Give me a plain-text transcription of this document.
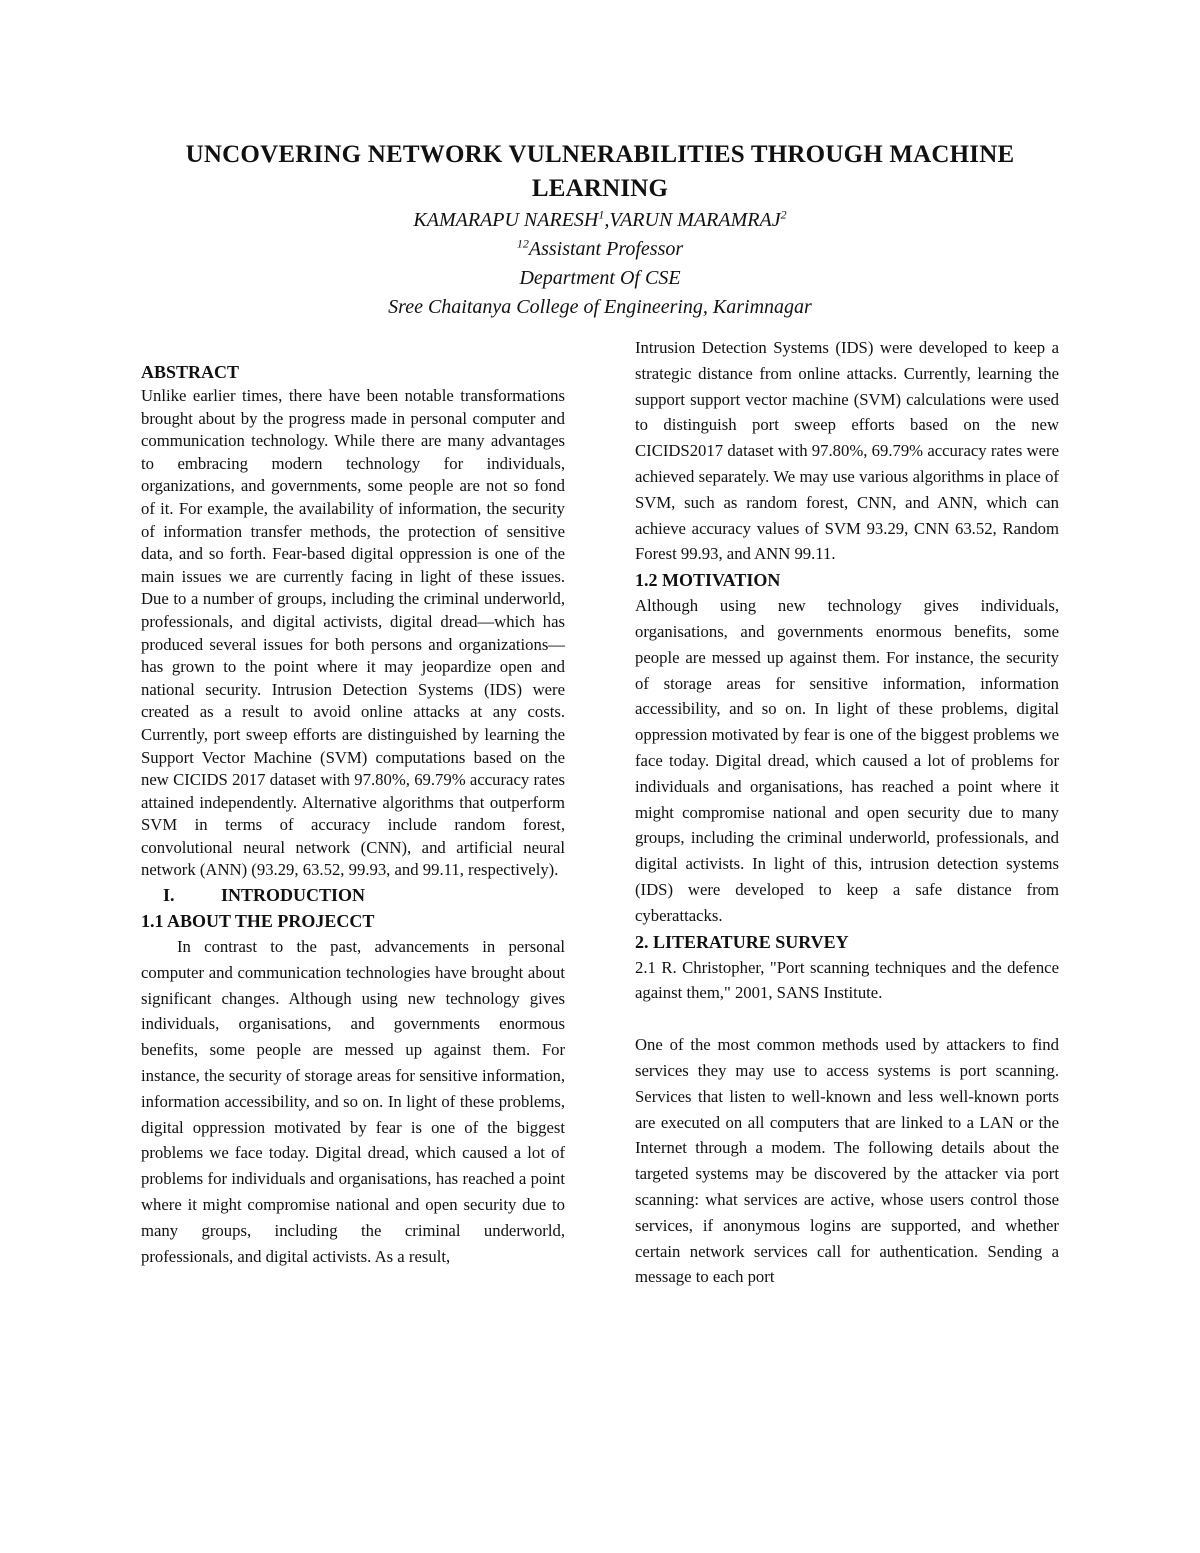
UNCOVERING NETWORK VULNERABILITIES THROUGH MACHINE
LEARNING
KAMARAPU NARESH$^1$,VARUN MARAMRAJ$^2$
$^{12}$Assistant Professor
Department Of CSE
Sree Chaitanya College of Engineering, Karimnagar
ABSTRACT

Unlike earlier times, there have been notable transformations brought about by the progress made in personal computer and communication technology. While there are many advantages to embracing modern technology for individuals, organizations, and governments, some people are not so fond of it. For example, the availability of information, the security of information transfer methods, the protection of sensitive data, and so forth. Fear-based digital oppression is one of the main issues we are currently facing in light of these issues. Due to a number of groups, including the criminal underworld, professionals, and digital activists, digital dread—which has produced several issues for both persons and organizations—has grown to the point where it may jeopardize open and national security. Intrusion Detection Systems (IDS) were created as a result to avoid online attacks at any costs. Currently, port sweep efforts are distinguished by learning the Support Vector Machine (SVM) computations based on the new CICIDS 2017 dataset with 97.80%, 69.79% accuracy rates attained independently. Alternative algorithms that outperform SVM in terms of accuracy include random forest, convolutional neural network (CNN), and artificial neural network (ANN) (93.29, 63.52, 99.93, and 99.11, respectively).

I.	INTRODUCTION
1.1 ABOUT THE PROJECCT

In contrast to the past, advancements in personal computer and communication technologies have brought about significant changes. Although using new technology gives individuals, organisations, and governments enormous benefits, some people are messed up against them. For instance, the security of storage areas for sensitive information, information accessibility, and so on. In light of these problems, digital oppression motivated by fear is one of the biggest problems we face today. Digital dread, which caused a lot of problems for individuals and organisations, has reached a point where it might compromise national and open security due to many groups, including the criminal underworld, professionals, and digital activists. As a result,

Intrusion Detection Systems (IDS) were developed to keep a strategic distance from online attacks. Currently, learning the support support vector machine (SVM) calculations were used to distinguish port sweep efforts based on the new CICIDS2017 dataset with 97.80%, 69.79% accuracy rates were achieved separately. We may use various algorithms in place of SVM, such as random forest, CNN, and ANN, which can achieve accuracy values of SVM 93.29, CNN 63.52, Random Forest 99.93, and ANN 99.11.

1.2 MOTIVATION

Although using new technology gives individuals, organisations, and governments enormous benefits, some people are messed up against them. For instance, the security of storage areas for sensitive information, information accessibility, and so on. In light of these problems, digital oppression motivated by fear is one of the biggest problems we face today. Digital dread, which caused a lot of problems for individuals and organisations, has reached a point where it might compromise national and open security due to many groups, including the criminal underworld, professionals, and digital activists. In light of this, intrusion detection systems (IDS) were developed to keep a safe distance from cyberattacks.

2. LITERATURE SURVEY

2.1 R. Christopher, "Port scanning techniques and the defence against them," 2001, SANS Institute.

One of the most common methods used by attackers to find services they may use to access systems is port scanning. Services that listen to well-known and less well-known ports are executed on all computers that are linked to a LAN or the Internet through a modem. The following details about the targeted systems may be discovered by the attacker via port scanning: what services are active, whose users control those services, if anonymous logins are supported, and whether certain network services call for authentication. Sending a message to each port
